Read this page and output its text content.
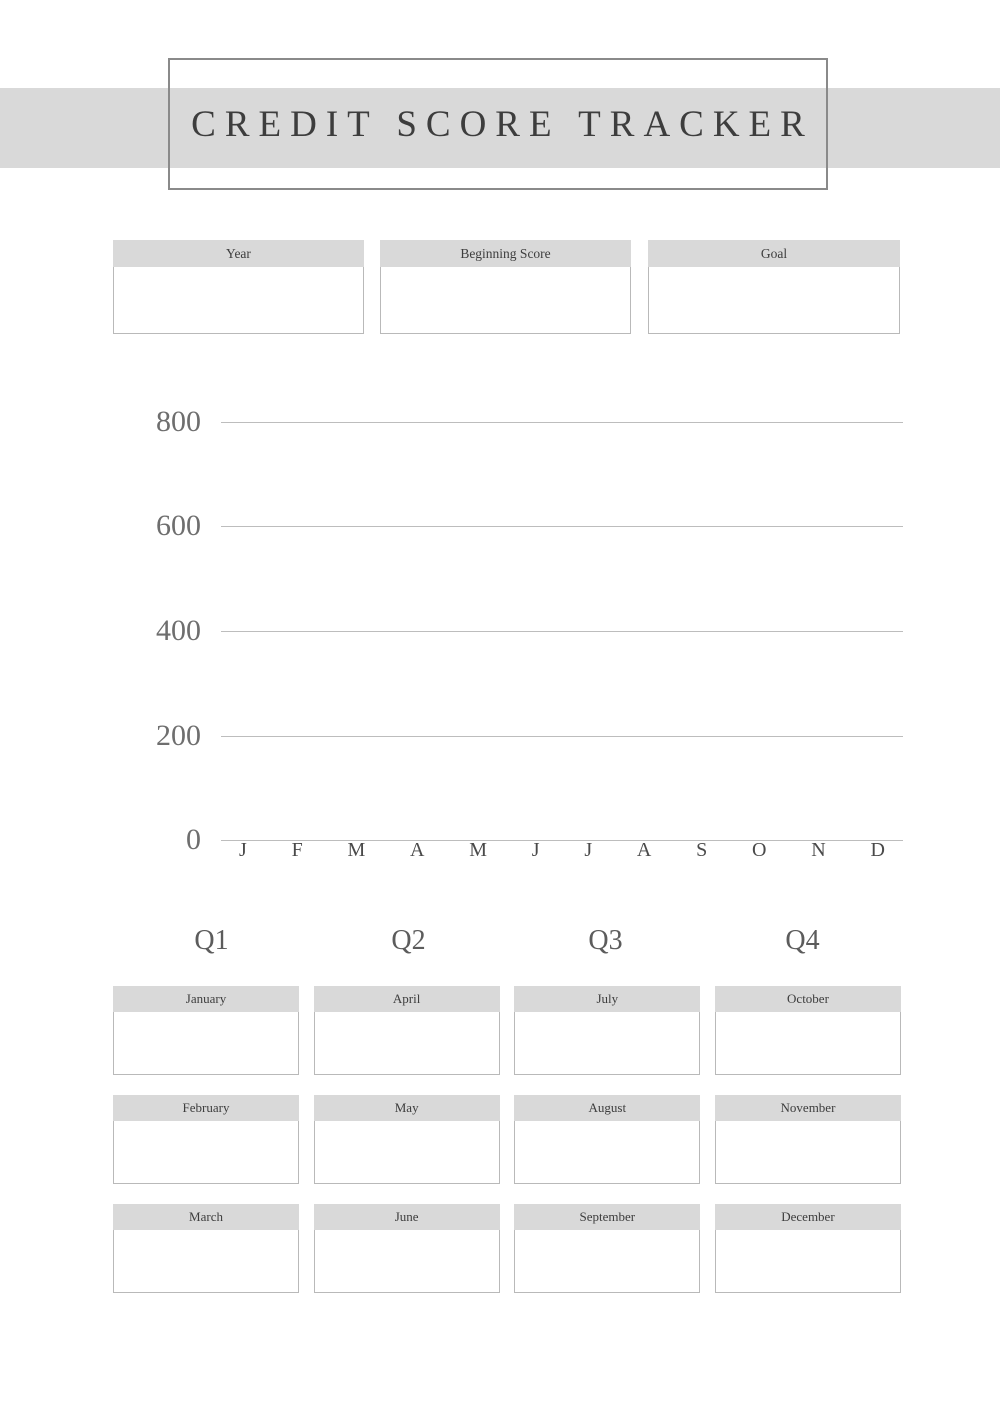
CREDIT SCORE TRACKER
Year	Beginning Score	Goal
800
600
400
200
0 J F M A M J J A S O N D
Q1	Q2	Q3	Q4
January	April	July	October
February	May	August	November
March	June	September	December
